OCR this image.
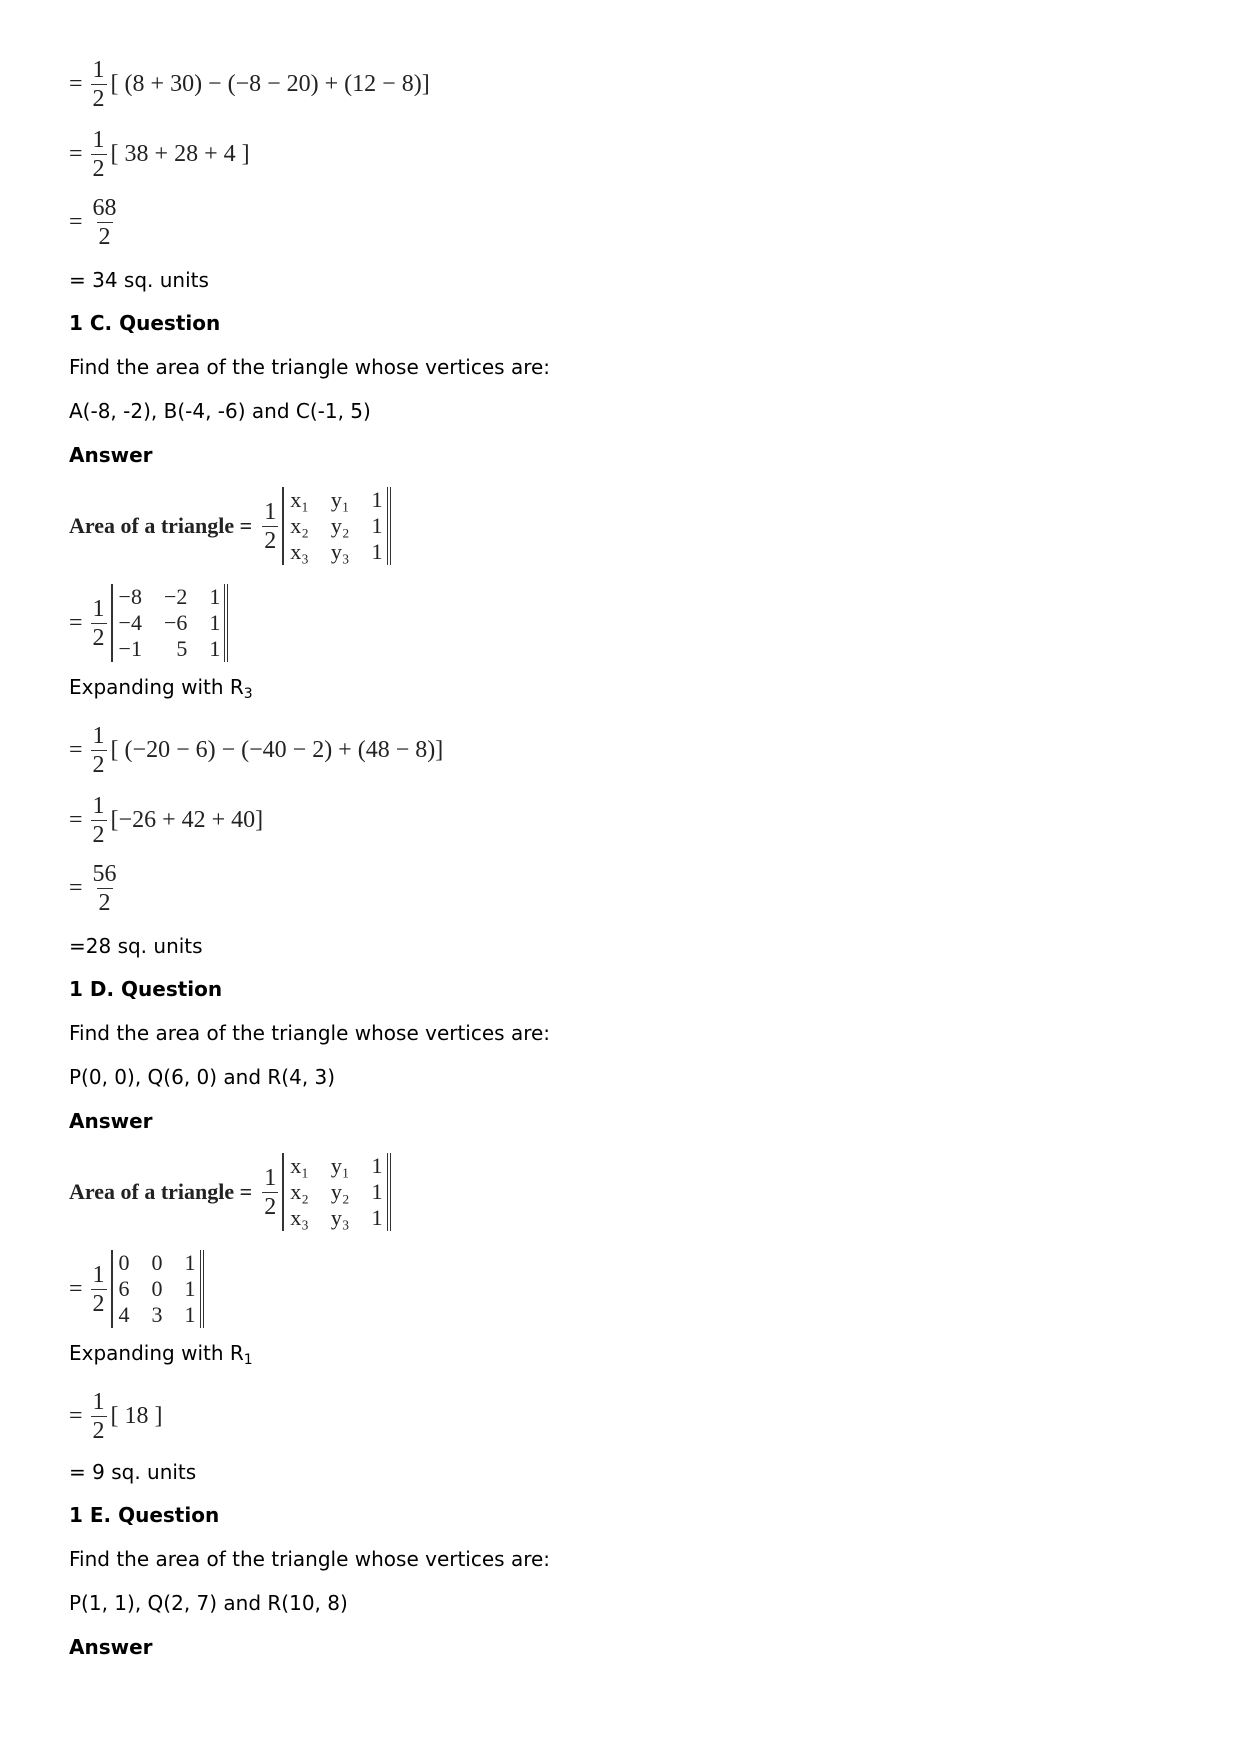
= $\frac{1}{2}$ [ (8 + 30) − (−8 − 20) + (12 − 8)]
= $\frac{1}{2}$ [ 38 + 28 + 4 ]
= $\frac{68}{2}$
= 34 sq. units
1 C. Question
Find the area of the triangle whose vertices are:
A(-8, -2), B(-4, -6) and C(-1, 5)
Answer
Area of a triangle = $\frac{1}{2} x_1$ y₁ 1
x₂ y₂ 1
x₃ y₃ 1
= $\frac{1}{2} -8 -2$ 1
−4 −6 1
−1	5 1
Expanding with $R_3$
= $\frac{1}{2}$ [ (−20 − 6) − (−40 − 2) + (48 − 8)]
= $\frac{1}{2} [-26 + 42 + 40]$
= $\frac{56}{2}$
=28 sq. units
1 D. Question
Find the area of the triangle whose vertices are:
P(0, 0), Q(6, 0) and R(4, 3)
Answer
Area of a triangle = $\frac{1}{2} x_1$ y₁ 1
x₂ y₂ 1
x₃ y₃ 1
= $\frac{1}{2} 0$ 0 1
6 0 1
4 3 1
Expanding with $R_1$
= $\frac{1}{2}$ [ 18 ]
= 9 sq. units
1 E. Question
Find the area of the triangle whose vertices are:
P(1, 1), Q(2, 7) and R(10, 8)
Answer
